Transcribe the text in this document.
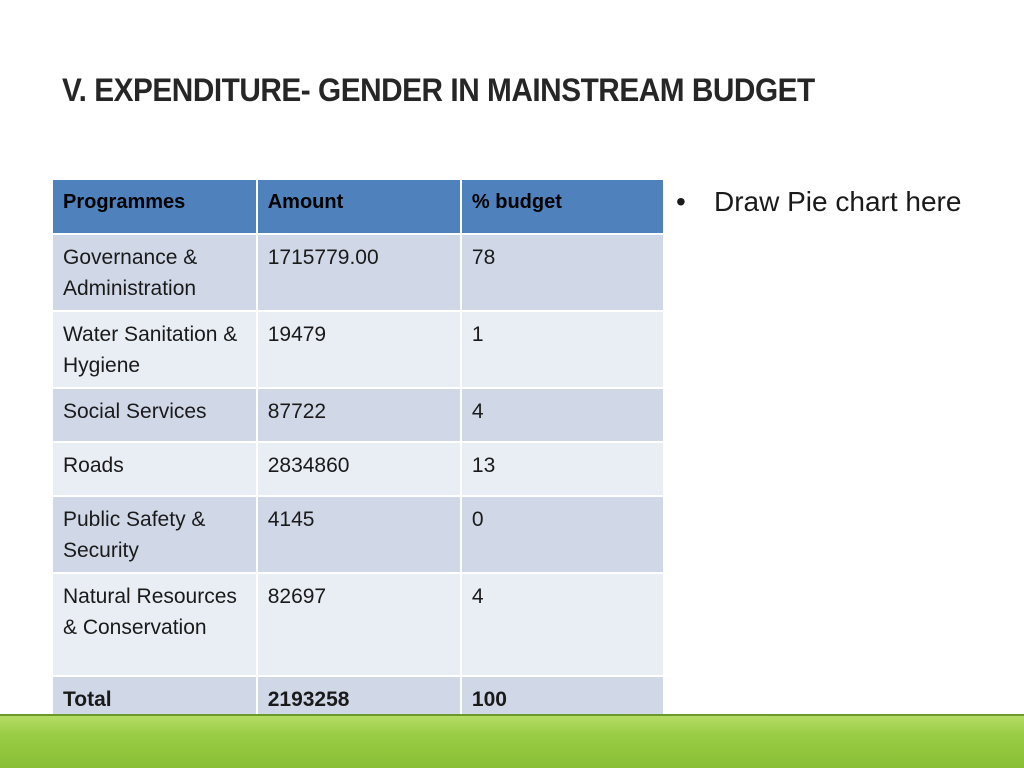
V. EXPENDITURE- GENDER IN MAINSTREAM BUDGET
Programmes	Amount	% budget
Governance & Administration	1715779.00	78
Water Sanitation & Hygiene	19479	1
Social Services	87722	4
Roads	2834860	13
Public Safety & Security	4145	0
Natural Resources & Conservation	82697	4
Total	2193258	100
• Draw Pie chart here
